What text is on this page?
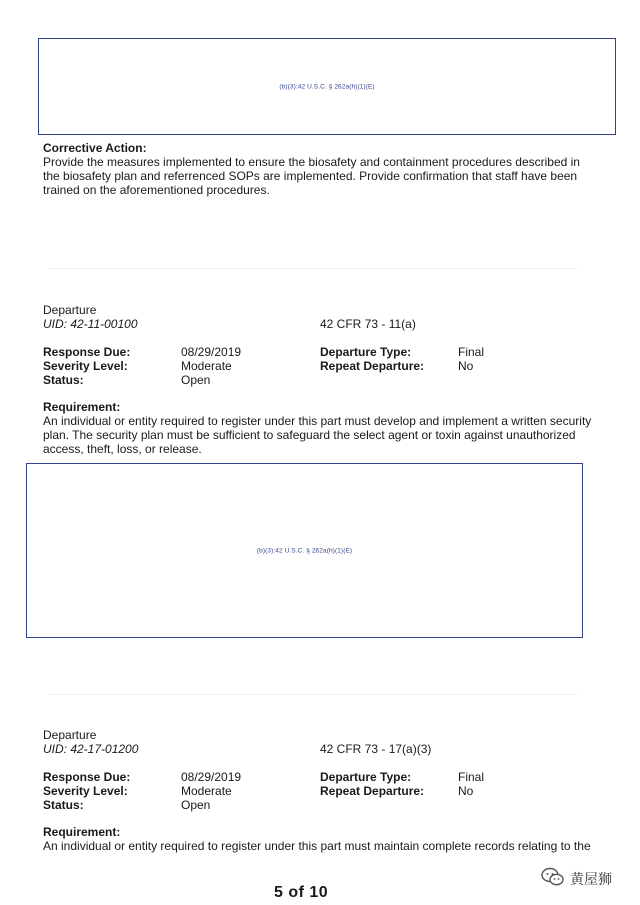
(b)(3):42 U.S.C. § 262a(h)(1)(E)
Corrective Action:
Provide the measures implemented to ensure the biosafety and containment procedures described in the biosafety plan and referrenced SOPs are implemented. Provide confirmation that staff have been trained on the aforementioned procedures.
Departure
UID: 42-11-00100	42 CFR 73 - 11(a)
Response Due:	08/29/2019	Departure Type:	Final
Severity Level:	Moderate	Repeat Departure:	No
Status:	Open
Requirement:
An individual or entity required to register under this part must develop and implement a written security plan. The security plan must be sufficient to safeguard the select agent or toxin against unauthorized access, theft, loss, or release.
(b)(3):42 U.S.C. § 262a(h)(1)(E)
Departure
UID: 42-17-01200	42 CFR 73 - 17(a)(3)
Response Due:	08/29/2019	Departure Type:	Final
Severity Level:	Moderate	Repeat Departure:	No
Status:	Open
Requirement:
An individual or entity required to register under this part must maintain complete records relating to the
5 of 10
黄屋狮
